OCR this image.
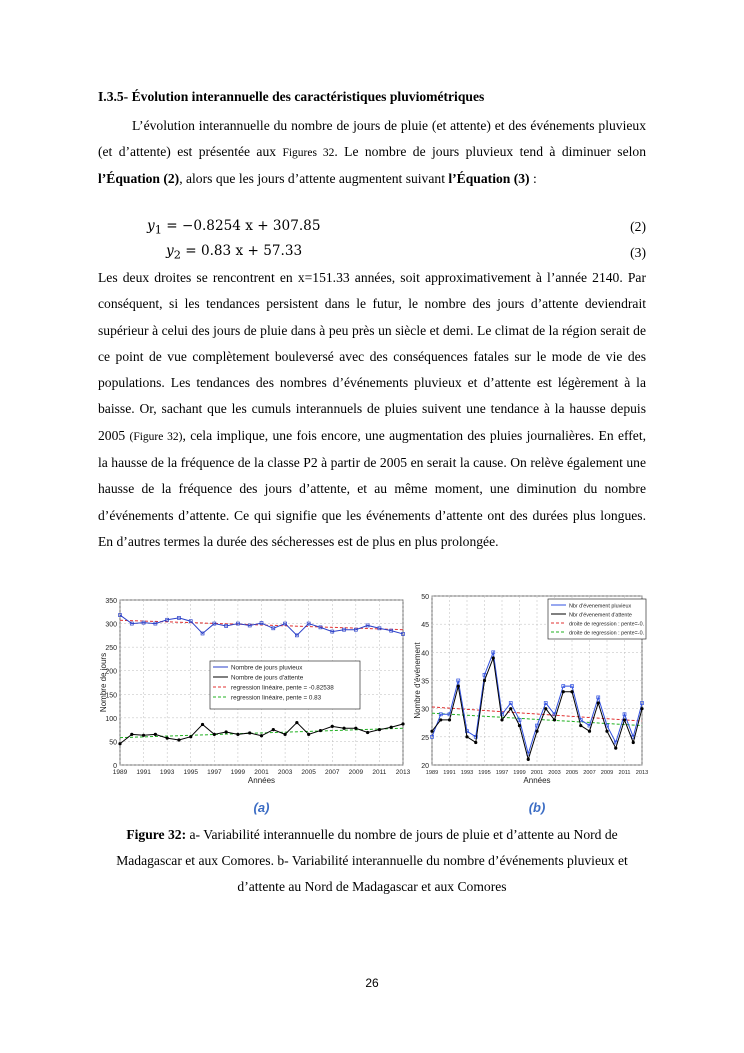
I.3.5- Évolution interannuelle des caractéristiques pluviométriques
L’évolution interannuelle du nombre de jours de pluie (et attente) et des événements pluvieux (et d’attente) est présentée aux Figures 32. Le nombre de jours pluvieux tend à diminuer selon l’Équation (2), alors que les jours d’attente augmentent suivant l’Équation (3) :
$y_1 = -0.8254$ x + 307.85	(2)
$y_2 = 0.83$ x + 57.33	(3)
Les deux droites se rencontrent en x=151.33 années, soit approximativement à l’année 2140. Par conséquent, si les tendances persistent dans le futur, le nombre des jours d’attente deviendrait supérieur à celui des jours de pluie dans à peu près un siècle et demi. Le climat de la région serait de ce point de vue complètement bouleversé avec des conséquences fatales sur le mode de vie des populations. Les tendances des nombres d’événements pluvieux et d’attente est légèrement à la baisse. Or, sachant que les cumuls interannuels de pluies suivent une tendance à la hausse depuis 2005 (Figure 32), cela implique, une fois encore, une augmentation des pluies journalières. En effet, la hausse de la fréquence de la classe P2 à partir de 2005 en serait la cause. On relève également une hausse de la fréquence des jours d’attente, et au même moment, une diminution du nombre d’événements d’attente. Ce qui signifie que les événements d’attente ont des durées plus longues. En d’autres termes la durée des sécheresses est de plus en plus prolongée.
0
50
100
150
200
250
300
350
1989 1991 1993 1995 1997 1999 2001 2003 2005 2007 2009 2011 2013
Années
Nombre de jours	Nombre de jours pluvieux
Nombre de jours d'attente
regression linéaire, pente = -0.82538
regression linéaire, pente = 0.83
(a)
20
25
30
35
40
45
50
1989 1991 1993 1995 1997 1999 2001 2003 2005 2007 2009 2011 2013
Années
Nombre d'événement
Nbr d'évenement pluvieux
Nbr d'évenement d'attente
droite de regression : pente=-0.
droite de regression : pente=-0.
(b)
Figure 32: a- Variabilité interannuelle du nombre de jours de pluie et d’attente au Nord de Madagascar et aux Comores. b- Variabilité interannuelle du nombre d’événements pluvieux et d’attente au Nord de Madagascar et aux Comores
26
